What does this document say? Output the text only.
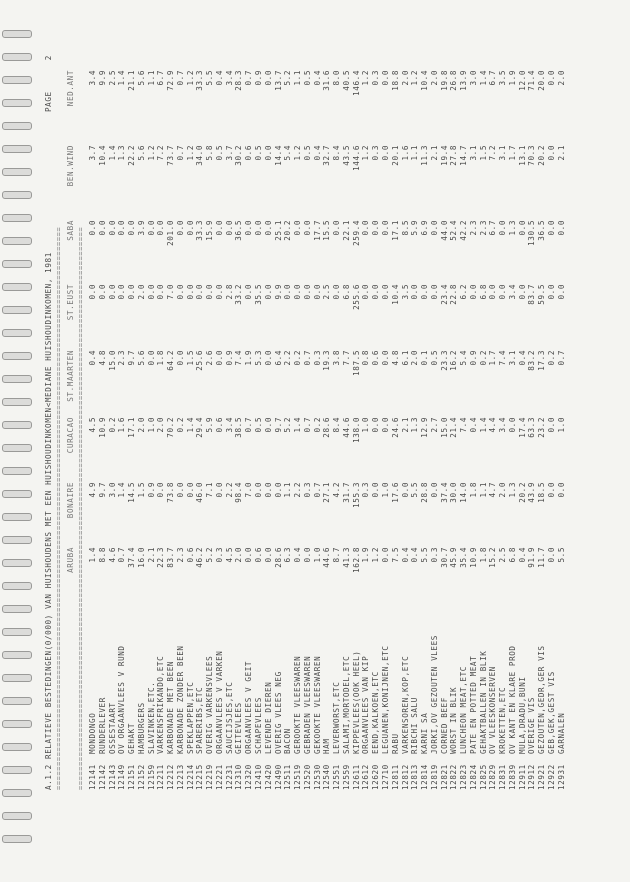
A.1.2 RELATIEVE BESTEDINGEN(0/000) VAN HUISHOUDENS MET EEN HUISHOUDINKOMEN<MEDIANE HUISHOUDINKOMEN, 1981
PAGE      2
===================================================================================================================== ARUBA
BONAIRE
CURACAO
ST.MAARTEN
ST.EUST
SABA
BEN.WIND
NED.ANT
===================================================================================================================== 12141
MONDONGO
1.4
4.9
4.5
0.4
0.0
0.0
3.7
3.4
12142
RUNDERLEVER
8.8
9.7
10.9
4.8
0.0
0.0
10.4
9.9
12143
OSSESTAART
4.6
3.0
0.2
15.0
0.0
0.0
1.4
2.5
12149
OV ORGAANVLEES V RUND
0.7
1.4
1.6
2.3
0.0
0.0
1.3
1.4
12151
GEHAKT
37.4
14.5
17.1
9.7
0.0
0.0
22.2
21.1
12152
HAMBURGERS
16.0
1.5
2.0
5.6
2.0
3.9
5.6
5.6
12159
SLAVINKEN,ETC.
2.1
0.9
1.0
0.0
0.0
0.0
1.2
1.1
12211
VARKENSFRIKANDO,ETC
22.3
0.0
2.0
1.8
0.0
0.0
7.2
6.7
12212
KARBONADE MET BEEN
83.7
73.8
70.2
64.2
7.0
201.0
73.7
72.9
12213
KARBONADE ZONDER BEEN
2.3
0.0
0.2
0.0
0.0
0.0
0.7
0.7
12214
SPEKLAPPEN,ETC
0.6
0.0
1.4
1.5
0.0
0.0
1.2
1.2
12215
SPARERIBS,ETC
46.2
46.0
29.4
25.6
0.0
33.3
34.0
33.3
12219
OVERIG VARKENSVLEES
5.2
7.1
5.9
2.6
0.0
15.9
5.8
5.5
12221
ORGAANVLEES V VARKEN
0.3
0.0
0.6
0.0
0.0
0.0
0.5
0.4
12231
SAUCIJSJES,ETC
4.5
2.2
3.4
0.9
2.8
0.0
3.7
3.4
12310
GEITEVLEES
2.0
98.4
38.5
7.4
33.2
36.5
30.2
28.3
12320
ORGAANVLEES V GEIT
0.0
7.0
0.7
1.9
0.0
0.0
0.6
0.7
12410
SCHAPEVLEES
0.6
0.0
0.5
5.3
35.5
0.0
0.5
0.9
12420
LEVENDE DIEREN
0.0
0.0
0.0
0.0
0.0
0.0
0.0
0.0
12490
OVERIG VLEES NEG
28.6
0.0
9.7
6.4
9.9
25.1
14.4
13.7
12511
BACON
6.3
1.1
5.2
2.2
0.0
20.2
5.4
5.2
12519
GEROOKTE VLEESWAREN
0.4
2.2
1.4
0.2
0.0
0.0
1.2
1.1
12520
GEBRADEN VLEESWAREN
0.0
0.3
0.7
0.7
0.0
0.0
0.5
0.5
12530
GEKOOKTE VLEESWAREN
1.0
0.7
0.2
0.3
0.0
17.7
0.4
0.4
12540
HAM
44.6
27.1
28.6
19.3
2.5
15.5
32.7
31.6
12551
LEVERWORST,ETC
8.7
4.2
8.4
3.8
0.0
0.0
8.4
8.0
12559
SALAMI,MORTODEL,ETC
41.3
31.7
44.6
7.7
6.8
22.1
43.5
40.5
12611
KIPPEVLEES(OOK HEEL)
162.8
155.3
138.0
187.5
255.6
259.4
144.6
146.4
12612
ORGAANVLEES VAN KIP
1.9
0.3
1.0
0.8
0.0
0.0
1.2
1.2
12620
EEND,KALKOEN,ETC
1.2
0.0
0.0
0.6
0.0
0.0
0.3
0.3
12710
LEGUANEN,KONIJNEN,ETC
0.0
1.0
0.0
0.0
0.0
0.0
0.0
0.0
12811
RABU
7.5
17.6
24.6
4.8
10.4
17.1
20.1
18.8
12812
VARKENSOREN,KOP,ETC
0.4
0.0
2.1
6.1
3.5
8.5
1.6
2.0
12813
RIBCHI SALU
0.4
5.5
1.3
2.0
0.0
5.9
1.1
1.2
12814
KARNI SA
5.5
28.8
12.9
0.1
0.0
6.9
11.3
10.4
12819
JORKI,OV GEZOUTEN VLEES
0.3
0.0
2.7
0.5
0.0
0.0
2.1
2.0
12821
CORNED BEEF
30.7
37.4
15.0
23.3
23.4
44.0
19.4
19.8
12822
WORST IN BLIK
45.9
30.0
21.4
16.2
22.8
52.4
27.8
26.8
12823
LUNCHEON MEAT,ETC
35.4
14.0
7.4
5.4
6.2
42.2
14.7
13.9
12824
PATE EN POTTED MEAT
10.9
1.8
0.4
0.9
0.0
2.3
3.1
3.0
12825
GEHAKTBALLEN IN BLIK
1.8
1.1
1.4
0.2
6.8
2.3
1.5
1.4
12829
OV VLEESKONSERVEN
15.2
4.7
4.4
1.7
0.0
6.7
7.2
6.7
12831
KROKETTEN,ETC
2.5
2.0
3.4
7.4
0.0
0.0
3.1
3.5
12839
OV KANT EN KLARE PROD
6.8
1.3
0.0
3.1
3.4
1.3
1.7
1.9
12911
MULA,DRADU,BUNI
0.4
20.2
17.4
0.4
0.0
0.0
13.1
12.0
12912
OVERIGE VIS
91.9
43.9
63.3
83.2
83.7
130.5
70.3
71.4
12921
GEZOUTEN,GEDR,GER VIS
11.7
18.5
23.2
17.3
59.5
36.5
20.2
20.0
12922
GEB,GEK,GEST VIS
0.0
0.0
0.0
0.2
0.0
0.0
0.0
0.0
12931
GARNALEN
5.5
0.0
1.0
0.7
0.0
0.0
2.1
2.0
